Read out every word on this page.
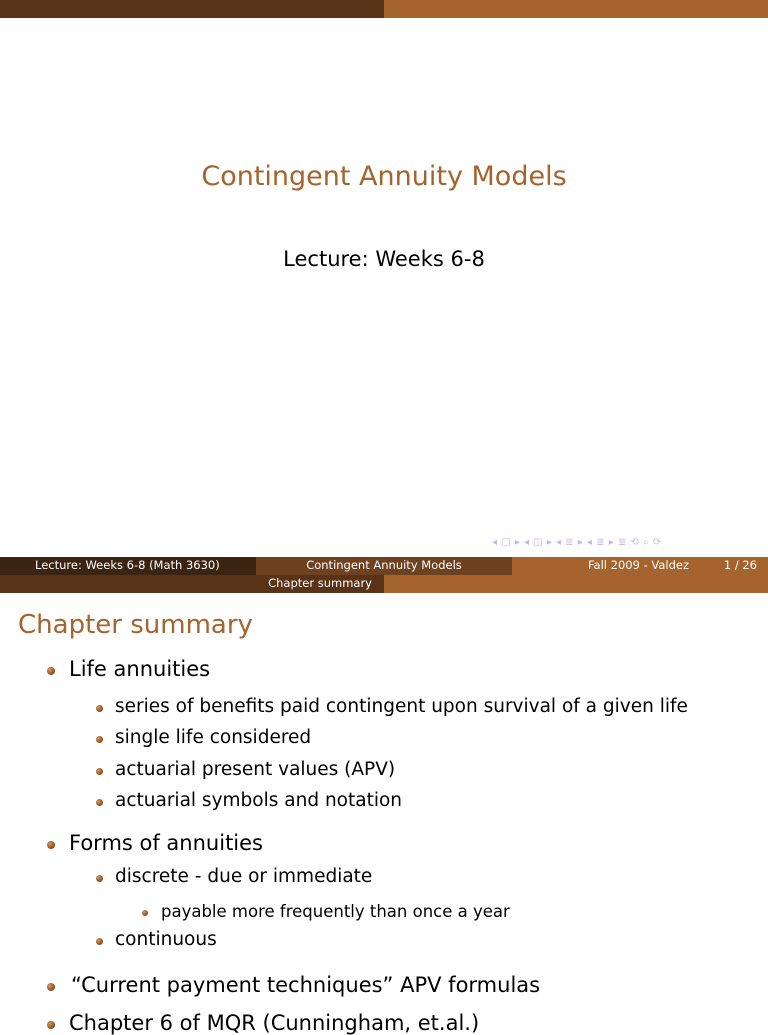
Contingent Annuity Models
Lecture: Weeks 6-8
◂ □ ▸ ◂ ◫ ▸ ◂ ≣ ▸ ◂ ≣ ▸ ≣ ⟲ ⌕ ⟳
Lecture: Weeks 6-8 (Math 3630)	Contingent Annuity Models	Fall 2009 - Valdez	1 / 26
Chapter summary
Chapter summary
Life annuities
series of benefits paid contingent upon survival of a given life
single life considered
actuarial present values (APV)
actuarial symbols and notation
Forms of annuities
discrete - due or immediate
payable more frequently than once a year
continuous
“Current payment techniques” APV formulas
Chapter 6 of MQR (Cunningham, et.al.)
